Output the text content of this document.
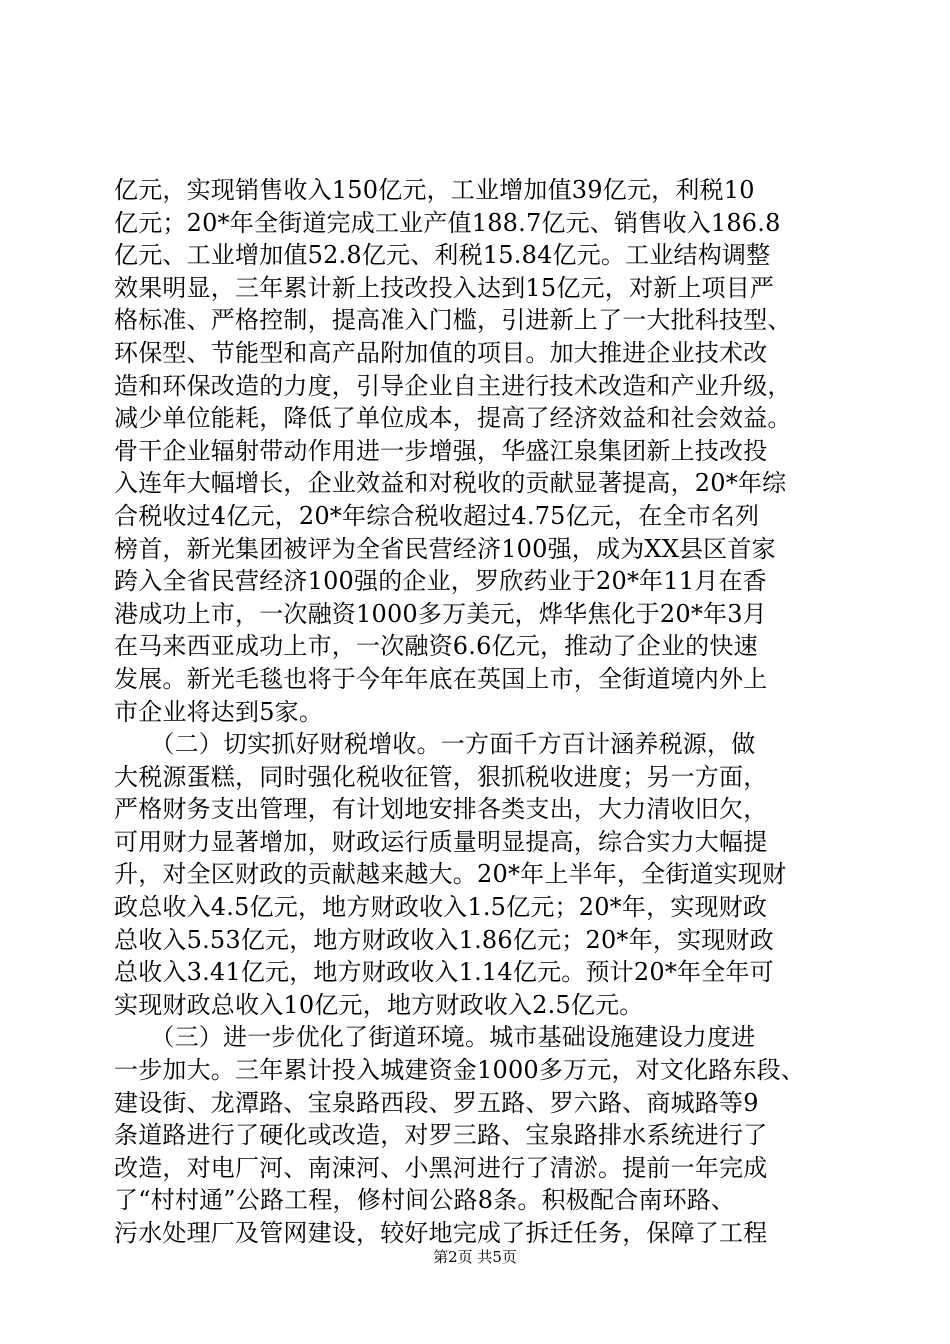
亿元，实现销售收入150亿元，工业增加值39亿元，利税10
亿元；20*年全街道完成工业产值188.7亿元、销售收入186.8
亿元、工业增加值52.8亿元、利税15.84亿元。工业结构调整
效果明显，三年累计新上技改投入达到15亿元，对新上项目严
格标准、严格控制，提高准入门槛，引进新上了一大批科技型、
环保型、节能型和高产品附加值的项目。加大推进企业技术改
造和环保改造的力度，引导企业自主进行技术改造和产业升级，
减少单位能耗，降低了单位成本，提高了经济效益和社会效益。
骨干企业辐射带动作用进一步增强，华盛江泉集团新上技改投
入连年大幅增长，企业效益和对税收的贡献显著提高，20*年综
合税收过4亿元，20*年综合税收超过4.75亿元，在全市名列
榜首，新光集团被评为全省民营经济100强，成为XX县区首家
跨入全省民营经济100强的企业，罗欣药业于20*年11月在香
港成功上市，一次融资1000多万美元，烨华焦化于20*年3月
在马来西亚成功上市，一次融资6.6亿元，推动了企业的快速
发展。新光毛毯也将于今年年底在英国上市，全街道境内外上
市企业将达到5家。
　　（二）切实抓好财税增收。一方面千方百计涵养税源，做
大税源蛋糕，同时强化税收征管，狠抓税收进度；另一方面，
严格财务支出管理，有计划地安排各类支出，大力清收旧欠，
可用财力显著增加，财政运行质量明显提高，综合实力大幅提
升，对全区财政的贡献越来越大。20*年上半年，全街道实现财
政总收入4.5亿元，地方财政收入1.5亿元；20*年，实现财政
总收入5.53亿元，地方财政收入1.86亿元；20*年，实现财政
总收入3.41亿元，地方财政收入1.14亿元。预计20*年全年可
实现财政总收入10亿元，地方财政收入2.5亿元。
　　（三）进一步优化了街道环境。城市基础设施建设力度进
一步加大。三年累计投入城建资金1000多万元，对文化路东段、
建设街、龙潭路、宝泉路西段、罗五路、罗六路、商城路等9
条道路进行了硬化或改造，对罗三路、宝泉路排水系统进行了
改造，对电厂河、南涑河、小黑河进行了清淤。提前一年完成
了“村村通”公路工程，修村间公路8条。积极配合南环路、
污水处理厂及管网建设，较好地完成了拆迁任务，保障了工程
第2页 共5页
